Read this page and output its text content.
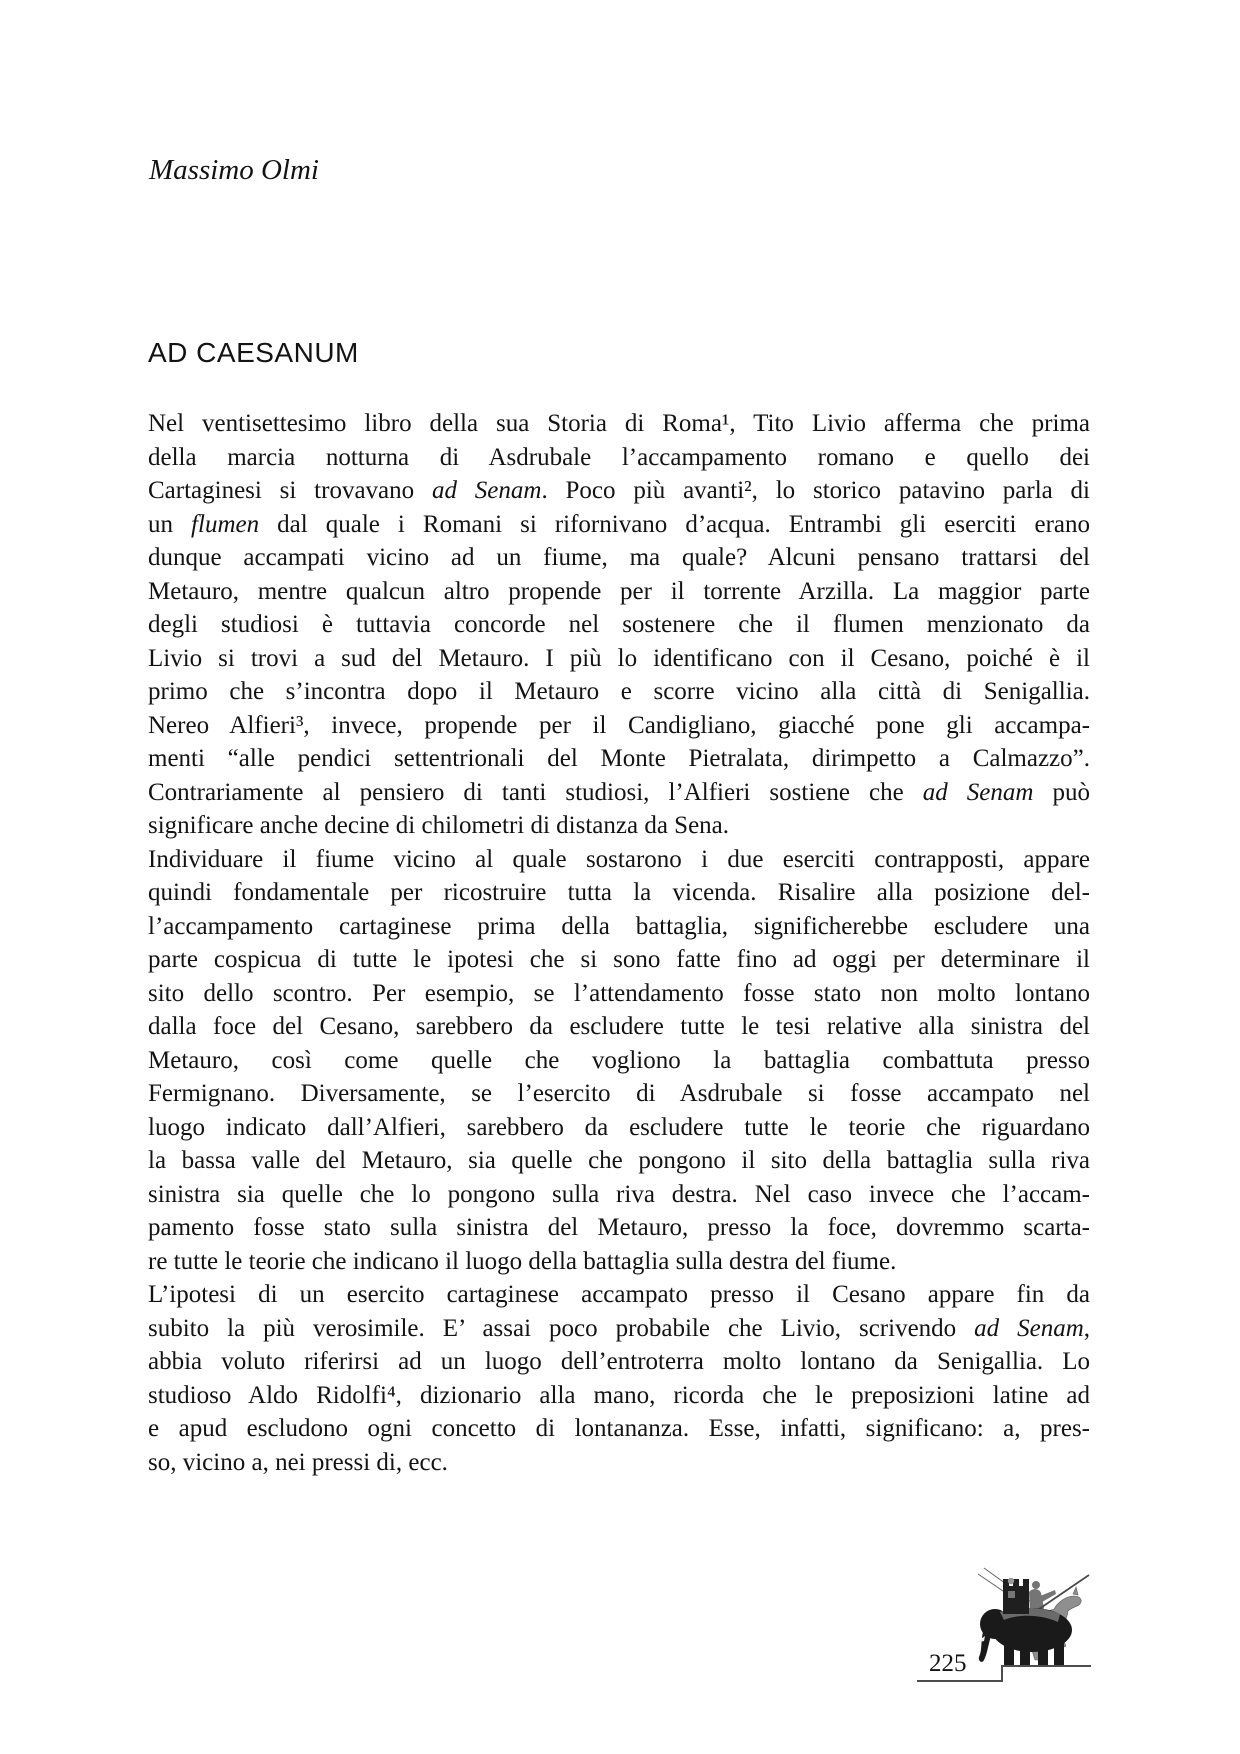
Massimo Olmi
AD CAESANUM
Nel ventisettesimo libro della sua Storia di Roma¹, Tito Livio afferma che prima
della marcia notturna di Asdrubale l’accampamento romano e quello dei
Cartaginesi si trovavano ad Senam. Poco più avanti², lo storico patavino parla di
un flumen dal quale i Romani si rifornivano d’acqua. Entrambi gli eserciti erano
dunque accampati vicino ad un fiume, ma quale? Alcuni pensano trattarsi del
Metauro, mentre qualcun altro propende per il torrente Arzilla. La maggior parte
degli studiosi è tuttavia concorde nel sostenere che il flumen menzionato da
Livio si trovi a sud del Metauro. I più lo identificano con il Cesano, poiché è il
primo che s’incontra dopo il Metauro e scorre vicino alla città di Senigallia.
Nereo Alfieri³, invece, propende per il Candigliano, giacché pone gli accampa-
menti “alle pendici settentrionali del Monte Pietralata, dirimpetto a Calmazzo”.
Contrariamente al pensiero di tanti studiosi, l’Alfieri sostiene che ad Senam può
significare anche decine di chilometri di distanza da Sena.
Individuare il fiume vicino al quale sostarono i due eserciti contrapposti, appare
quindi fondamentale per ricostruire tutta la vicenda. Risalire alla posizione del-
l’accampamento cartaginese prima della battaglia, significherebbe escludere una
parte cospicua di tutte le ipotesi che si sono fatte fino ad oggi per determinare il
sito dello scontro. Per esempio, se l’attendamento fosse stato non molto lontano
dalla foce del Cesano, sarebbero da escludere tutte le tesi relative alla sinistra del
Metauro, così come quelle che vogliono la battaglia combattuta presso
Fermignano. Diversamente, se l’esercito di Asdrubale si fosse accampato nel
luogo indicato dall’Alfieri, sarebbero da escludere tutte le teorie che riguardano
la bassa valle del Metauro, sia quelle che pongono il sito della battaglia sulla riva
sinistra sia quelle che lo pongono sulla riva destra. Nel caso invece che l’accam-
pamento fosse stato sulla sinistra del Metauro, presso la foce, dovremmo scarta-
re tutte le teorie che indicano il luogo della battaglia sulla destra del fiume.
L’ipotesi di un esercito cartaginese accampato presso il Cesano appare fin da
subito la più verosimile. E’ assai poco probabile che Livio, scrivendo ad Senam,
abbia voluto riferirsi ad un luogo dell’entroterra molto lontano da Senigallia. Lo
studioso Aldo Ridolfi⁴, dizionario alla mano, ricorda che le preposizioni latine ad
e apud escludono ogni concetto di lontananza. Esse, infatti, significano: a, pres-
so, vicino a, nei pressi di, ecc.
225
